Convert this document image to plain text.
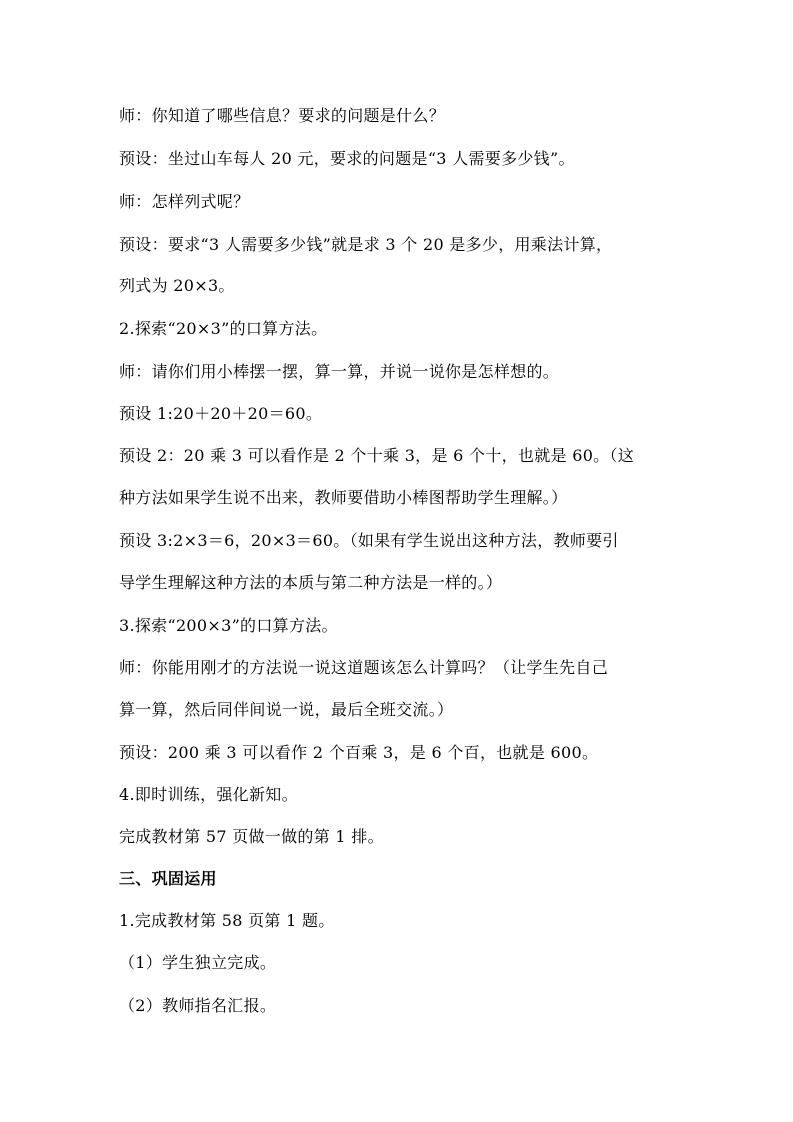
师：你知道了哪些信息？要求的问题是什么？
预设：坐过山车每人 20 元，要求的问题是“3 人需要多少钱”。
师：怎样列式呢？
预设：要求“3 人需要多少钱”就是求 3 个 20 是多少，用乘法计算，
列式为 20×3。
2.探索“20×3”的口算方法。
师：请你们用小棒摆一摆，算一算，并说一说你是怎样想的。
预设 1:20＋20＋20＝60。
预设 2：20 乘 3 可以看作是 2 个十乘 3，是 6 个十，也就是 60。（这
种方法如果学生说不出来，教师要借助小棒图帮助学生理解。）
预设 3:2×3＝6，20×3＝60。（如果有学生说出这种方法，教师要引
导学生理解这种方法的本质与第二种方法是一样的。）
3.探索“200×3”的口算方法。
师：你能用刚才的方法说一说这道题该怎么计算吗？（让学生先自己
算一算，然后同伴间说一说，最后全班交流。）
预设：200 乘 3 可以看作 2 个百乘 3，是 6 个百，也就是 600。
4.即时训练，强化新知。
完成教材第 57 页做一做的第 1 排。
三、巩固运用
1.完成教材第 58 页第 1 题。
（1）学生独立完成。
（2）教师指名汇报。
